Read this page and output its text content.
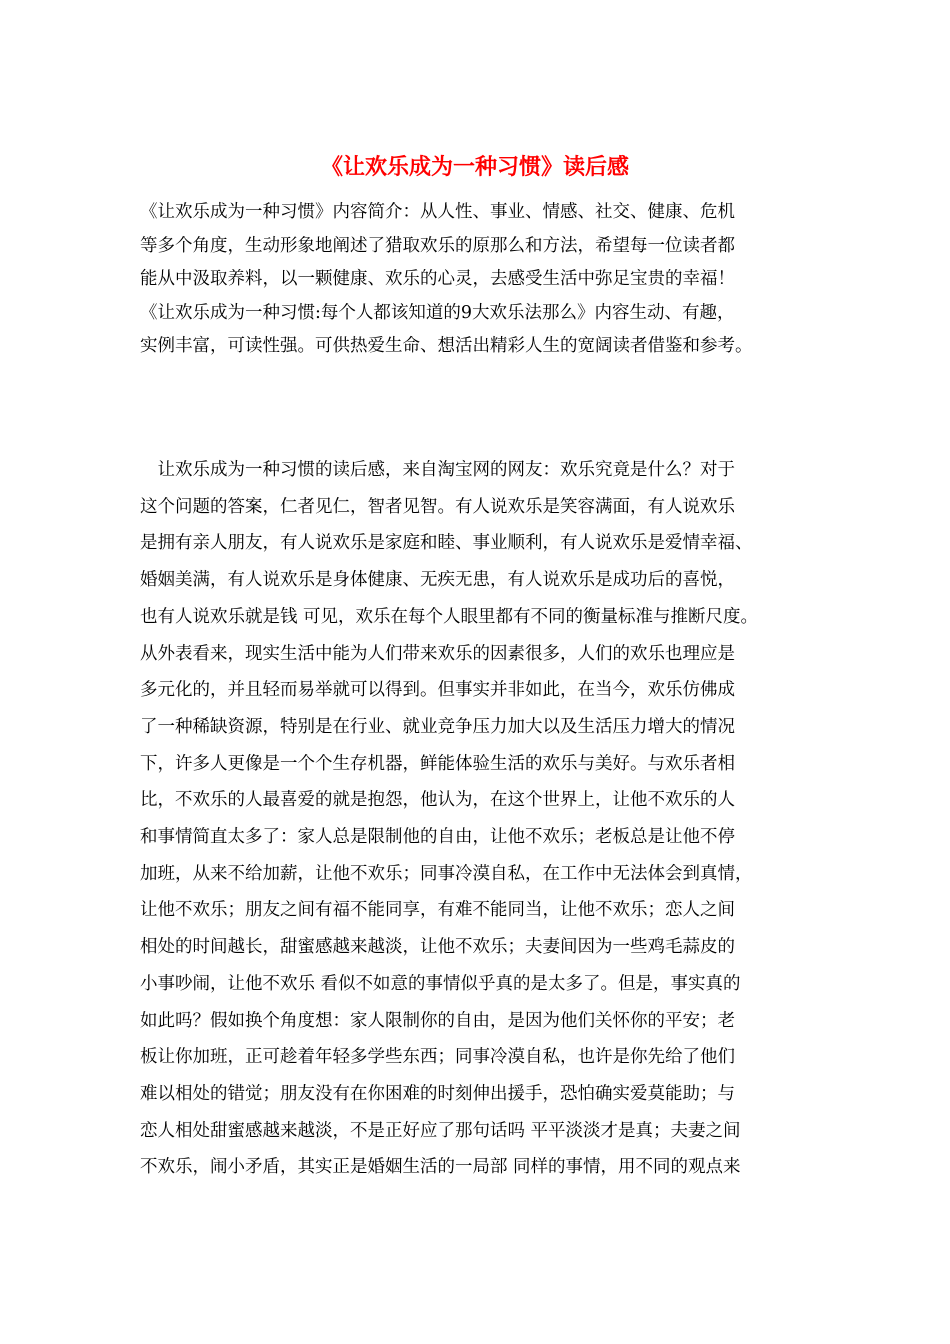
《让欢乐成为一种习惯》读后感
《让欢乐成为一种习惯》内容简介：从人性、事业、情感、社交、健康、危机
等多个角度，生动形象地阐述了猎取欢乐的原那么和方法，希望每一位读者都
能从中汲取养料，以一颗健康、欢乐的心灵，去感受生活中弥足宝贵的幸福！
《让欢乐成为一种习惯:每个人都该知道的9大欢乐法那么》内容生动、有趣，
实例丰富，可读性强。可供热爱生命、想活出精彩人生的宽阔读者借鉴和参考。
　让欢乐成为一种习惯的读后感，来自淘宝网的网友：欢乐究竟是什么？对于
这个问题的答案，仁者见仁，智者见智。有人说欢乐是笑容满面，有人说欢乐
是拥有亲人朋友，有人说欢乐是家庭和睦、事业顺利，有人说欢乐是爱情幸福、
婚姻美满，有人说欢乐是身体健康、无疾无患，有人说欢乐是成功后的喜悦，
也有人说欢乐就是钱 可见，欢乐在每个人眼里都有不同的衡量标准与推断尺度。
从外表看来，现实生活中能为人们带来欢乐的因素很多，人们的欢乐也理应是
多元化的，并且轻而易举就可以得到。但事实并非如此，在当今，欢乐仿佛成
了一种稀缺资源，特别是在行业、就业竞争压力加大以及生活压力增大的情况
下，许多人更像是一个个生存机器，鲜能体验生活的欢乐与美好。与欢乐者相
比，不欢乐的人最喜爱的就是抱怨，他认为，在这个世界上，让他不欢乐的人
和事情简直太多了：家人总是限制他的自由，让他不欢乐；老板总是让他不停
加班，从来不给加薪，让他不欢乐；同事冷漠自私，在工作中无法体会到真情，
让他不欢乐；朋友之间有福不能同享，有难不能同当，让他不欢乐；恋人之间
相处的时间越长，甜蜜感越来越淡，让他不欢乐；夫妻间因为一些鸡毛蒜皮的
小事吵闹，让他不欢乐 看似不如意的事情似乎真的是太多了。但是，事实真的
如此吗？假如换个角度想：家人限制你的自由，是因为他们关怀你的平安；老
板让你加班，正可趁着年轻多学些东西；同事冷漠自私，也许是你先给了他们
难以相处的错觉；朋友没有在你困难的时刻伸出援手，恐怕确实爱莫能助；与
恋人相处甜蜜感越来越淡，不是正好应了那句话吗 平平淡淡才是真；夫妻之间
不欢乐，闹小矛盾，其实正是婚姻生活的一局部 同样的事情，用不同的观点来
